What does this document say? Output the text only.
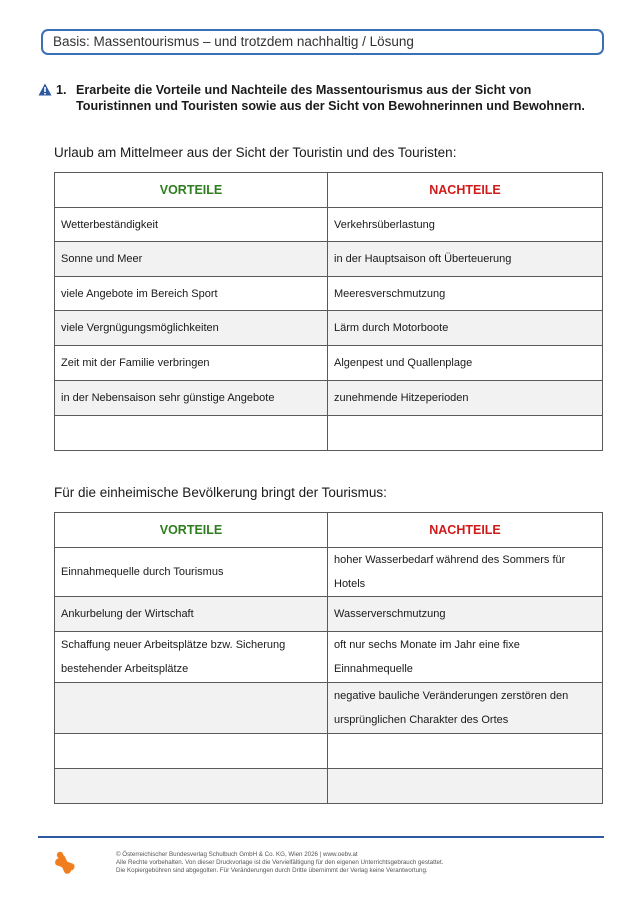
Basis: Massentourismus – und trotzdem nachhaltig / Lösung
1. Erarbeite die Vorteile und Nachteile des Massentourismus aus der Sicht von Touristinnen und Touristen sowie aus der Sicht von Bewohnerinnen und Bewohnern.
Urlaub am Mittelmeer aus der Sicht der Touristin und des Touristen:
VORTEILE	NACHTEILE

Wetterbeständigkeit	Verkehrsüberlastung

Sonne und Meer	in der Hauptsaison oft Überteuerung

viele Angebote im Bereich Sport	Meeresverschmutzung

viele Vergnügungsmöglichkeiten	Lärm durch Motorboote

Zeit mit der Familie verbringen	Algenpest und Quallenplage

in der Nebensaison sehr günstige Angebote	zunehmende Hitzeperioden

Für die einheimische Bevölkerung bringt der Tourismus:
VORTEILE	NACHTEILE

Einnahmequelle durch Tourismus	hoher Wasserbedarf während des Sommers für Hotels

Ankurbelung der Wirtschaft	Wasserverschmutzung

Schaffung neuer Arbeitsplätze bzw. Sicherung
bestehender Arbeitsplätze	oft nur sechs Monate im Jahr eine fixe Einnahmequelle

	negative bauliche Veränderungen zerstören den
ursprünglichen Charakter des Ortes

© Österreichischer Bundesverlag Schulbuch GmbH & Co. KG, Wien 2026 | www.oebv.at
Alle Rechte vorbehalten. Von dieser Druckvorlage ist die Vervielfältigung für den eigenen Unterrichtsgebrauch gestattet.
Die Kopiergebühren sind abgegolten. Für Veränderungen durch Dritte übernimmt der Verlag keine Verantwortung.
